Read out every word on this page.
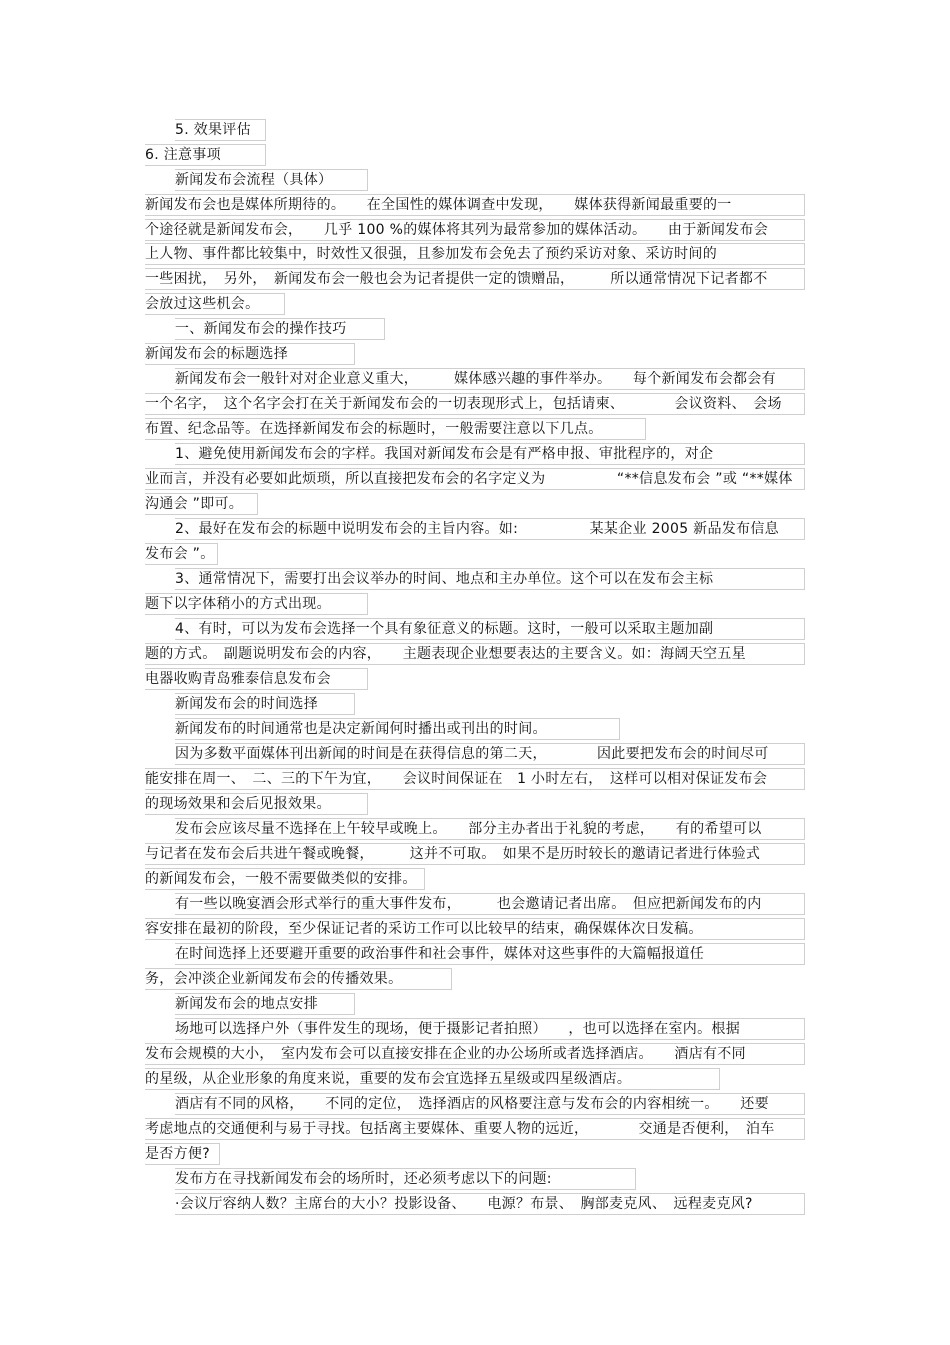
5. 效果评估
6. 注意事项
新闻发布会流程（具体）
新闻发布会也是媒体所期待的。　　在全国性的媒体调查中发现，　　媒体获得新闻最重要的一
个途径就是新闻发布会，　　几乎 100 %的媒体将其列为最常参加的媒体活动。　　由于新闻发布会
上人物、事件都比较集中，时效性又很强，且参加发布会免去了预约采访对象、采访时间的
一些困扰，　另外，　新闻发布会一般也会为记者提供一定的馈赠品，　　　所以通常情况下记者都不
会放过这些机会。
一、新闻发布会的操作技巧
新闻发布会的标题选择
新闻发布会一般针对对企业意义重大，　　　媒体感兴趣的事件举办。　　每个新闻发布会都会有
一个名字，　这个名字会打在关于新闻发布会的一切表现形式上，包括请柬、　　　　会议资料、　会场
布置、纪念品等。在选择新闻发布会的标题时，一般需要注意以下几点。
1、避免使用新闻发布会的字样。我国对新闻发布会是有严格申报、审批程序的，对企
业而言，并没有必要如此烦琐，所以直接把发布会的名字定义为　　　　　“**信息发布会 ”或 “**媒体
沟通会 ”即可。
2、最好在发布会的标题中说明发布会的主旨内容。如:　　　　　某某企业 2005 新品发布信息
发布会 ”。
3、通常情况下，需要打出会议举办的时间、地点和主办单位。这个可以在发布会主标
题下以字体稍小的方式出现。
4、有时，可以为发布会选择一个具有象征意义的标题。这时，一般可以采取主题加副
题的方式。　副题说明发布会的内容，　　主题表现企业想要表达的主要含义。如：海阔天空五星
电器收购青岛雅泰信息发布会
新闻发布会的时间选择
新闻发布的时间通常也是决定新闻何时播出或刊出的时间。
因为多数平面媒体刊出新闻的时间是在获得信息的第二天，　　　　因此要把发布会的时间尽可
能安排在周一、　二、三的下午为宜，　　会议时间保证在　1 小时左右，　这样可以相对保证发布会
的现场效果和会后见报效果。
发布会应该尽量不选择在上午较早或晚上。　　部分主办者出于礼貌的考虑，　　有的希望可以
与记者在发布会后共进午餐或晚餐，　　　这并不可取。　如果不是历时较长的邀请记者进行体验式
的新闻发布会，一般不需要做类似的安排。
有一些以晚宴酒会形式举行的重大事件发布，　　　也会邀请记者出席。　但应把新闻发布的内
容安排在最初的阶段，至少保证记者的采访工作可以比较早的结束，确保媒体次日发稿。
在时间选择上还要避开重要的政治事件和社会事件，媒体对这些事件的大篇幅报道任
务，会冲淡企业新闻发布会的传播效果。
新闻发布会的地点安排
场地可以选择户外（事件发生的现场，便于摄影记者拍照）　　，也可以选择在室内。根据
发布会规模的大小，　室内发布会可以直接安排在企业的办公场所或者选择酒店。　　酒店有不同
的星级，从企业形象的角度来说，重要的发布会宜选择五星级或四星级酒店。
酒店有不同的风格，　　不同的定位，　选择酒店的风格要注意与发布会的内容相统一。　　还要
考虑地点的交通便利与易于寻找。包括离主要媒体、重要人物的远近，　　　　交通是否便利，　泊车
是否方便?
发布方在寻找新闻发布会的场所时，还必须考虑以下的问题:
·会议厅容纳人数？主席台的大小？投影设备、　　电源？布景、　胸部麦克风、　远程麦克风?
